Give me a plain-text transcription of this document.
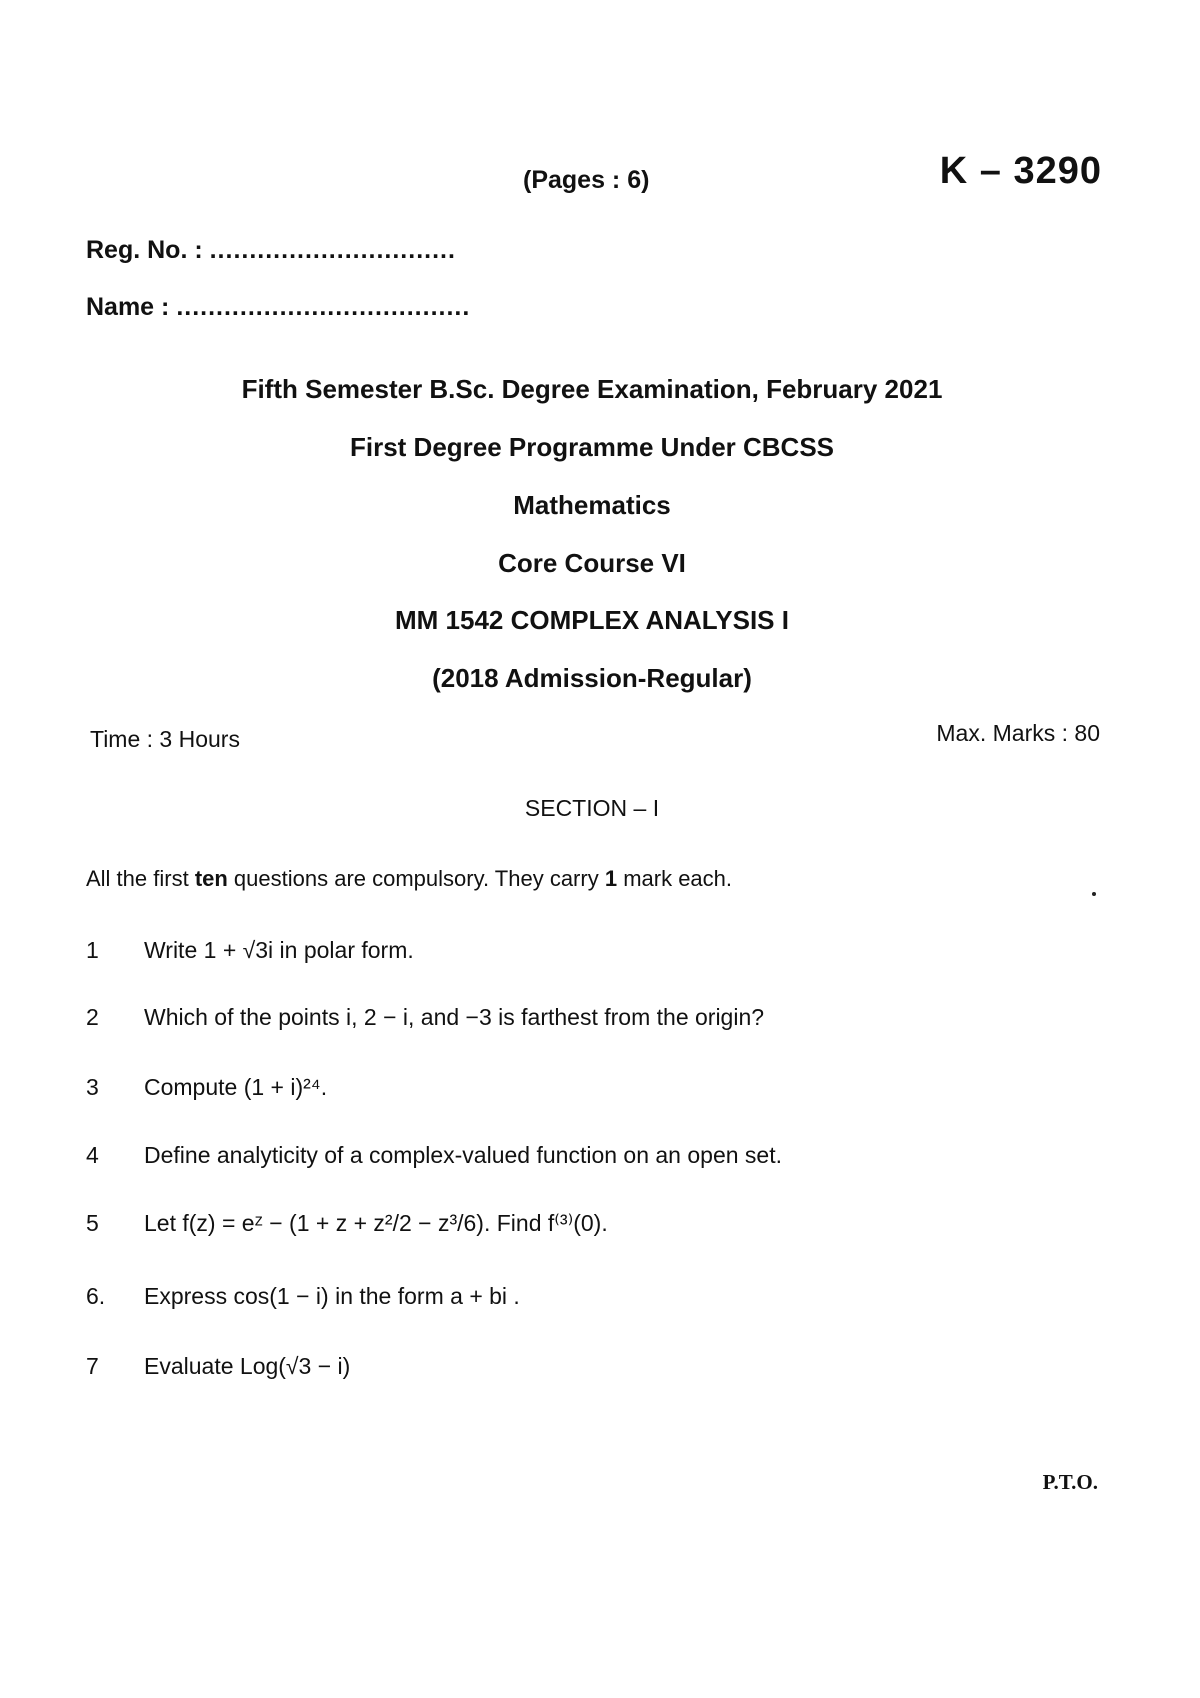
(Pages : 6)	K – 3290
Reg. No. : ...............................
Name : .....................................
Fifth Semester B.Sc. Degree Examination, February 2021
First Degree Programme Under CBCSS
Mathematics
Core Course VI
MM 1542 COMPLEX ANALYSIS I
(2018 Admission-Regular)
Time : 3 Hours	Max. Marks : 80
SECTION – I
All the first ten questions are compulsory. They carry 1 mark each.
1 Write 1 + √3i in polar form.
2 Which of the points i, 2 − i, and −3 is farthest from the origin?
3 Compute (1 + i)²⁴.
4 Define analyticity of a complex-valued function on an open set.
5 Let f(z) = eᶻ − (1 + z + z²/2 − z³/6). Find f⁽³⁾(0).
6. Express cos(1 − i) in the form a + bi .
7 Evaluate Log(√3 − i)
P.T.O.
